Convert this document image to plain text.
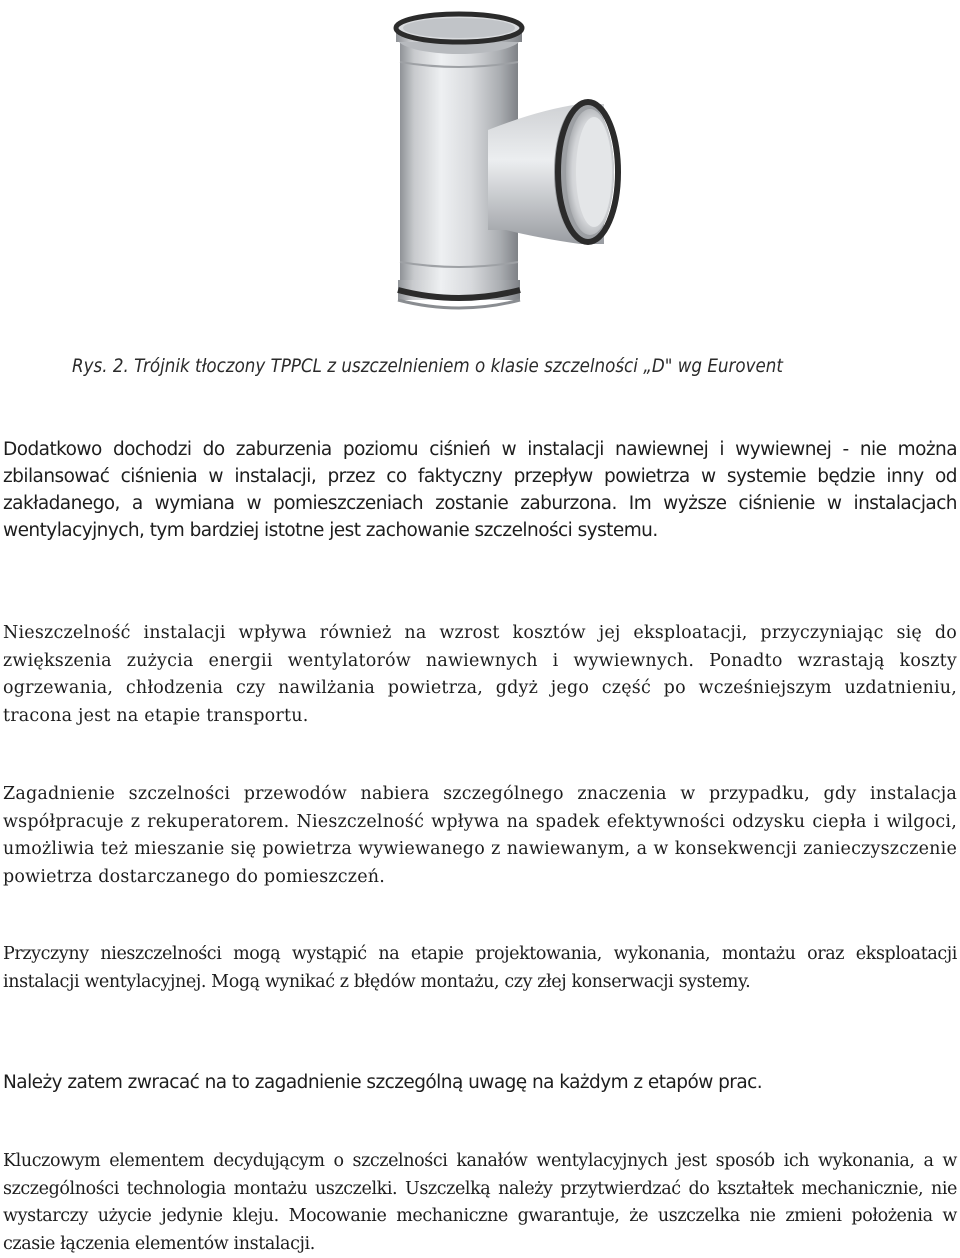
Rys. 2. Trójnik tłoczony TPPCL z uszczelnieniem o klasie szczelności „D" wg Eurovent

Dodatkowo dochodzi do zaburzenia poziomu ciśnień w instalacji nawiewnej i wywiewnej - nie można zbilansować ciśnienia w instalacji, przez co faktyczny przepływ powietrza w systemie będzie inny od zakładanego, a wymiana w pomieszczeniach zostanie zaburzona. Im wyższe ciśnienie w instalacjach wentylacyjnych, tym bardziej istotne jest zachowanie szczelności systemu.

Nieszczelność instalacji wpływa również na wzrost kosztów jej eksploatacji, przyczyniając się do zwiększenia zużycia energii wentylatorów nawiewnych i wywiewnych. Ponadto wzrastają koszty ogrzewania, chłodzenia czy nawilżania powietrza, gdyż jego część po wcześniejszym uzdatnieniu, tracona jest na etapie transportu.

Zagadnienie szczelności przewodów nabiera szczególnego znaczenia w przypadku, gdy instalacja współpracuje z rekuperatorem. Nieszczelność wpływa na spadek efektywności odzysku ciepła i wilgoci, umożliwia też mieszanie się powietrza wywiewanego z nawiewanym, a w konsekwencji zanieczyszczenie powietrza dostarczanego do pomieszczeń.

Przyczyny nieszczelności mogą wystąpić na etapie projektowania, wykonania, montażu oraz eksploatacji instalacji wentylacyjnej. Mogą wynikać z błędów montażu, czy złej konserwacji systemy.

Należy zatem zwracać na to zagadnienie szczególną uwagę na każdym z etapów prac.

Kluczowym elementem decydującym o szczelności kanałów wentylacyjnych jest sposób ich wykonania, a w szczególności technologia montażu uszczelki. Uszczelką należy przytwierdzać do kształtek mechanicznie, nie wystarczy użycie jedynie kleju. Mocowanie mechaniczne gwarantuje, że uszczelka nie zmieni położenia w czasie łączenia elementów instalacji.
